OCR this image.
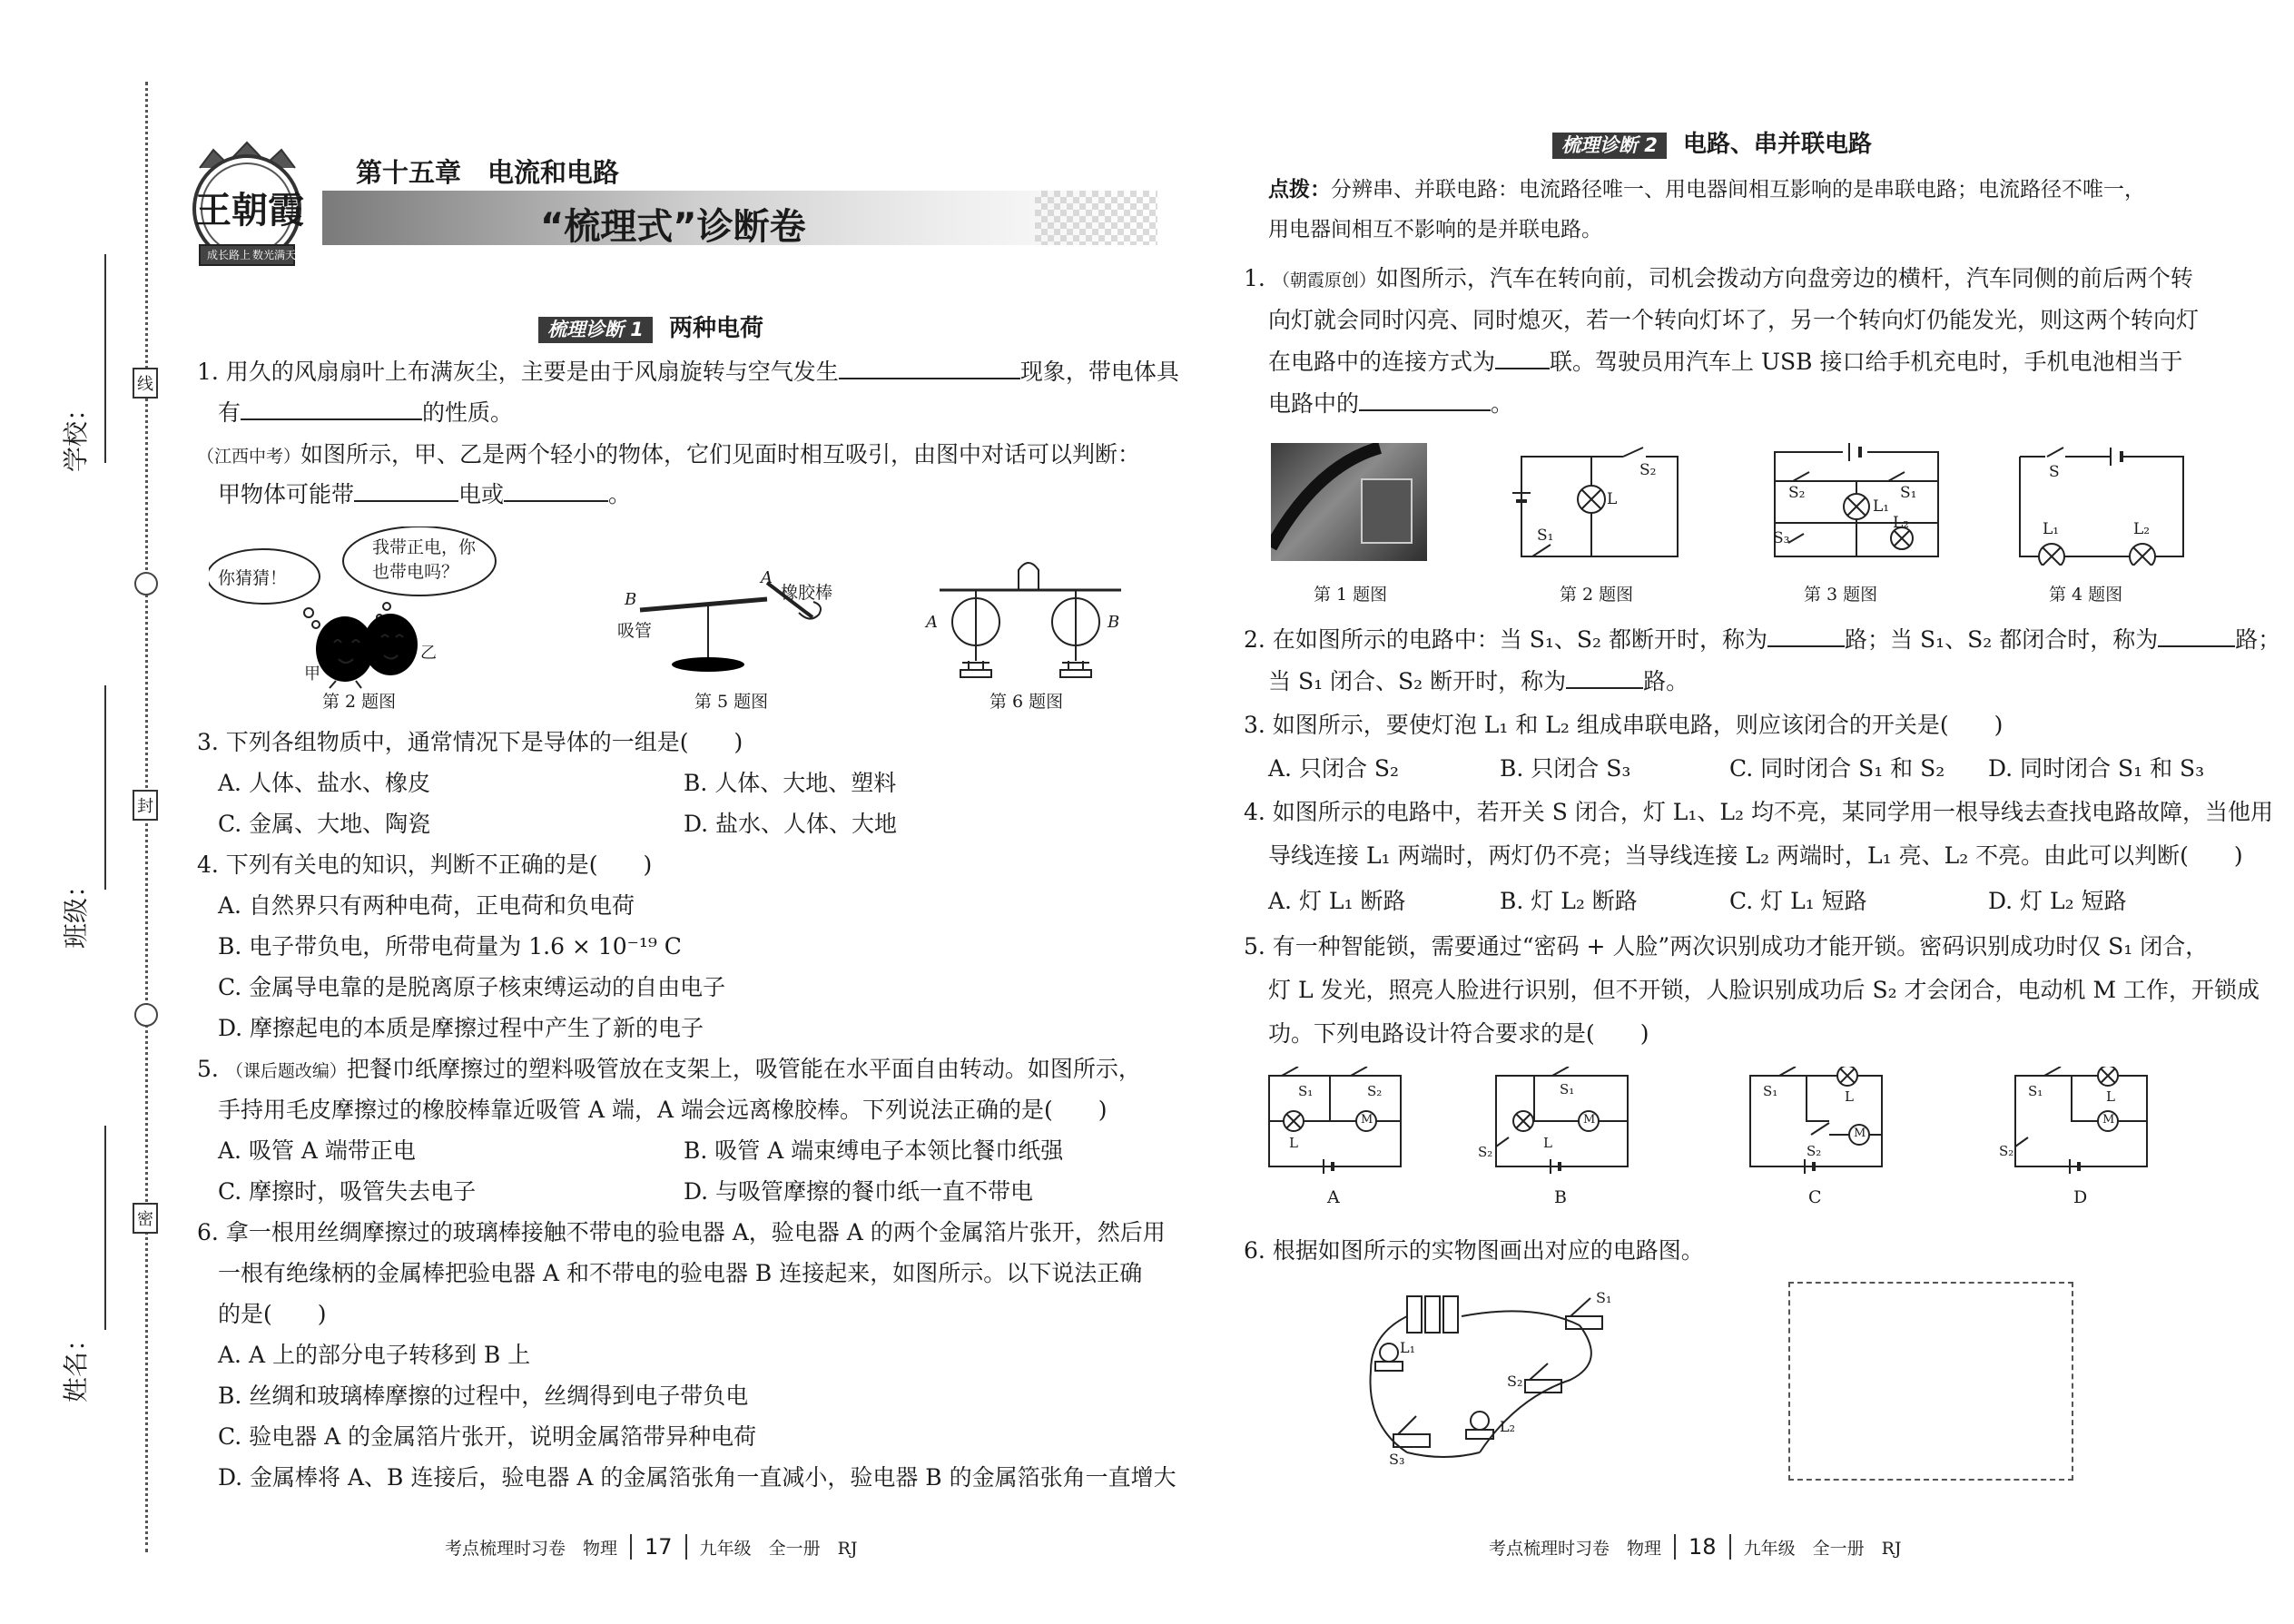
线
封
密
学校：
班级：
姓名：
王朝霞
成长路上 数光满天
第十五章　电流和电路
“梳理式”诊断卷
梳理诊断 1 两种电荷
1. 用久的风扇扇叶上布满灰尘，主要是由于风扇旋转与空气发生	现象，带电体具
有	的性质。
（江西中考）如图所示，甲、乙是两个轻小的物体，它们见面时相互吸引，由图中对话可以判断：
甲物体可能带	电或	。
你猜猜！
我带正电，你
也带电吗？
甲
乙
第 2 题图
A
B	橡胶棒
吸管
第 5 题图
A	B
第 6 题图
3. 下列各组物质中，通常情况下是导体的一组是(　　)
A. 人体、盐水、橡皮	B. 人体、大地、塑料
C. 金属、大地、陶瓷	D. 盐水、人体、大地
4. 下列有关电的知识，判断不正确的是(　　)
A. 自然界只有两种电荷，正电荷和负电荷
B. 电子带负电，所带电荷量为 1.6 × 10⁻¹⁹ C
C. 金属导电靠的是脱离原子核束缚运动的自由电子
D. 摩擦起电的本质是摩擦过程中产生了新的电子
5. （课后题改编）把餐巾纸摩擦过的塑料吸管放在支架上，吸管能在水平面自由转动。如图所示，
手持用毛皮摩擦过的橡胶棒靠近吸管 A 端，A 端会远离橡胶棒。下列说法正确的是(　　)
A. 吸管 A 端带正电	B. 吸管 A 端束缚电子本领比餐巾纸强
C. 摩擦时，吸管失去电子	D. 与吸管摩擦的餐巾纸一直不带电
6. 拿一根用丝绸摩擦过的玻璃棒接触不带电的验电器 A，验电器 A 的两个金属箔片张开，然后用
一根有绝缘柄的金属棒把验电器 A 和不带电的验电器 B 连接起来，如图所示。以下说法正确
的是(　　)
A. A 上的部分电子转移到 B 上
B. 丝绸和玻璃棒摩擦的过程中，丝绸得到电子带负电
C. 验电器 A 的金属箔片张开，说明金属箔带异种电荷
D. 金属棒将 A、B 连接后，验电器 A 的金属箔张角一直减小，验电器 B 的金属箔张角一直增大
考点梳理时习卷　物理 17 九年级　全一册　RJ
梳理诊断 2 电路、串并联电路
点拨：分辨串、并联电路：电流路径唯一、用电器间相互影响的是串联电路；电流路径不唯一，
用电器间相互不影响的是并联电路。
1. （朝霞原创）如图所示，汽车在转向前，司机会拨动方向盘旁边的横杆，汽车同侧的前后两个转
向灯就会同时闪亮、同时熄灭，若一个转向灯坏了，另一个转向灯仍能发光，则这两个转向灯
在电路中的连接方式为 联。驾驶员用汽车上 USB 接口给手机充电时，手机电池相当于
电路中的	。
第 1 题图
S₂
L
S₁
第 2 题图
S₂	S₁
L₁
L₂
S₃
第 3 题图
S
L₁	L₂
第 4 题图
2. 在如图所示的电路中：当 S₁、S₂ 都断开时，称为	路；当 S₁、S₂ 都闭合时，称为	路；
当 S₁ 闭合、S₂ 断开时，称为	路。
3. 如图所示，要使灯泡 L₁ 和 L₂ 组成串联电路，则应该闭合的开关是(　　)
A. 只闭合 S₂	B. 只闭合 S₃	C. 同时闭合 S₁ 和 S₂ D. 同时闭合 S₁ 和 S₃
4. 如图所示的电路中，若开关 S 闭合，灯 L₁、L₂ 均不亮，某同学用一根导线去查找电路故障，当他用
导线连接 L₁ 两端时，两灯仍不亮；当导线连接 L₂ 两端时，L₁ 亮、L₂ 不亮。由此可以判断(　　)
A. 灯 L₁ 断路	B. 灯 L₂ 断路	C. 灯 L₁ 短路	D. 灯 L₂ 短路
5. 有一种智能锁，需要通过“密码 + 人脸”两次识别成功才能开锁。密码识别成功时仅 S₁ 闭合，
灯 L 发光，照亮人脸进行识别，但不开锁，人脸识别成功后 S₂ 才会闭合，电动机 M 工作，开锁成
功。下列电路设计符合要求的是(　　)
S₁	S₂
L
M
A
S₁
S₂
L
M
B
S₁	L
S₂
M
C
S₁	L
S₂
M
D
6. 根据如图所示的实物图画出对应的电路图。
S₁
L₁
S₂
L₂
S₃
考点梳理时习卷　物理 18 九年级　全一册　RJ
